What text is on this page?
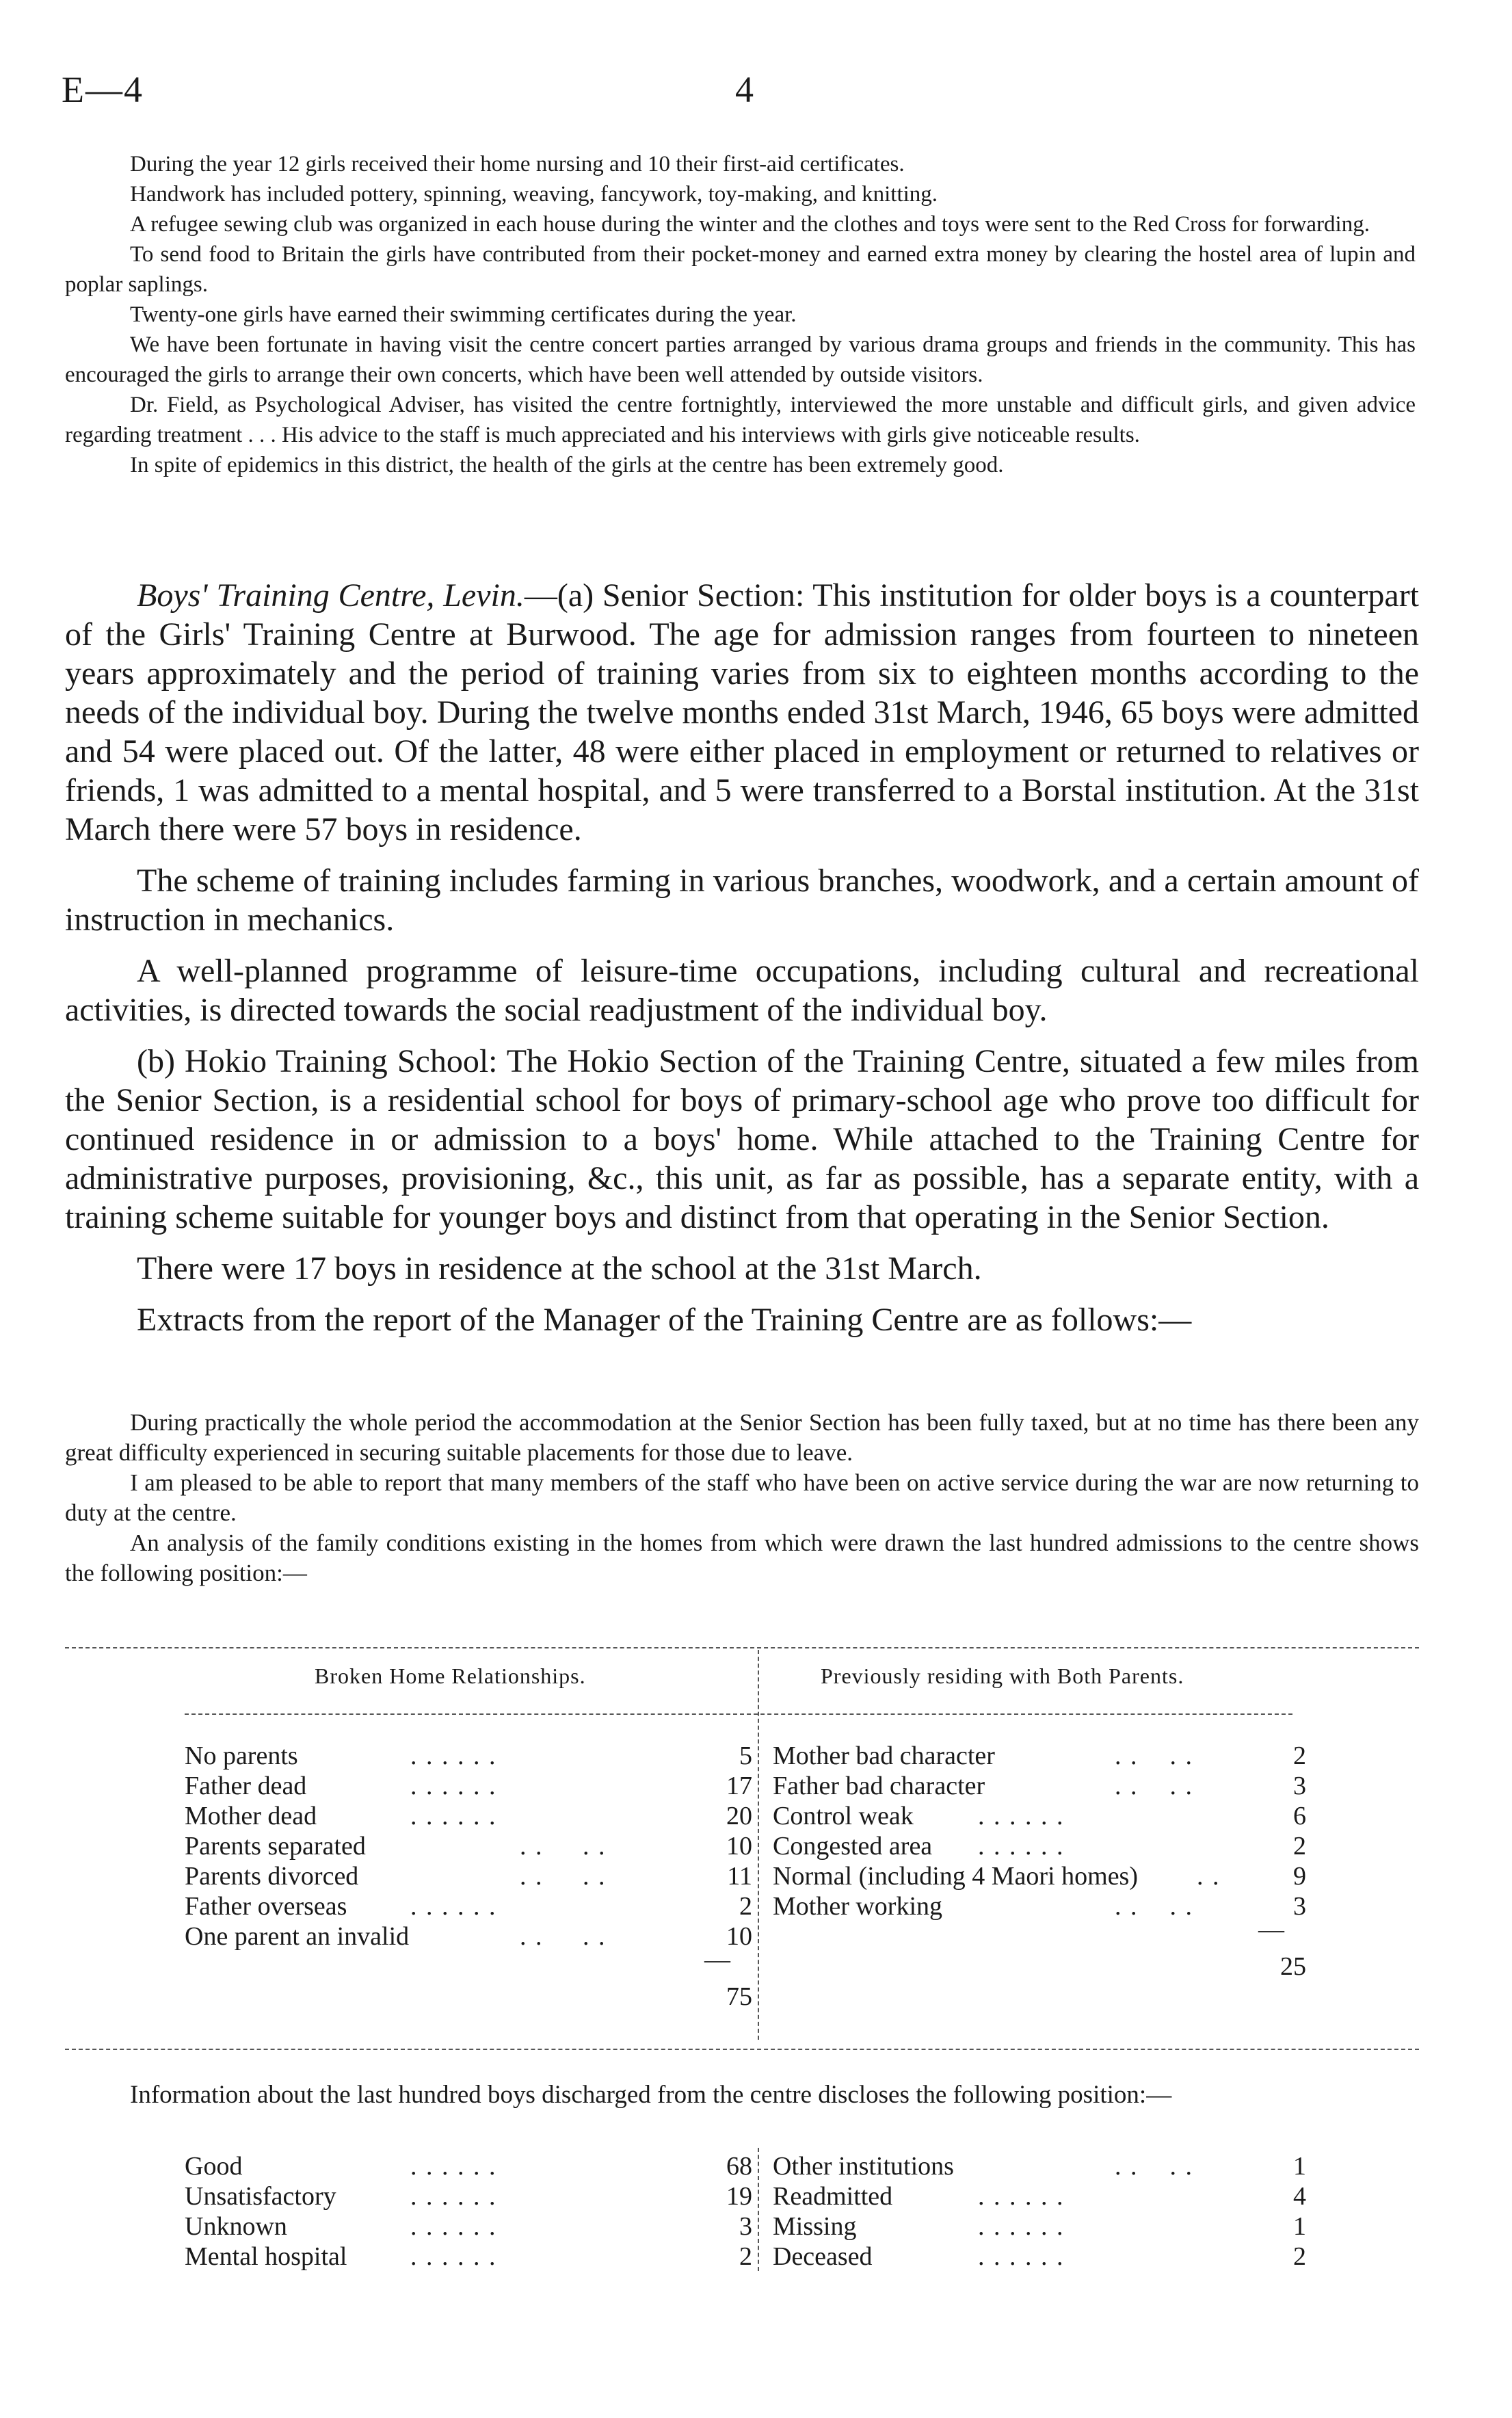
E—4	4

During the year 12 girls received their home nursing and 10 their first-aid certificates.

Handwork has included pottery, spinning, weaving, fancywork, toy-making, and knitting.

A refugee sewing club was organized in each house during the winter and the clothes and toys were sent to the Red Cross for forwarding.

To send food to Britain the girls have contributed from their pocket-money and earned extra money by clearing the hostel area of lupin and poplar saplings.

Twenty-one girls have earned their swimming certificates during the year.

We have been fortunate in having visit the centre concert parties arranged by various drama groups and friends in the community. This has encouraged the girls to arrange their own concerts, which have been well attended by outside visitors.

Dr. Field, as Psychological Adviser, has visited the centre fortnightly, interviewed the more unstable and difficult girls, and given advice regarding treatment . . . His advice to the staff is much appreciated and his interviews with girls give noticeable results.

In spite of epidemics in this district, the health of the girls at the centre has been extremely good.

Boys' Training Centre, Levin.—(a) Senior Section: This institution for older boys is a counterpart of the Girls' Training Centre at Burwood. The age for admission ranges from fourteen to nineteen years approximately and the period of training varies from six to eighteen months according to the needs of the individual boy. During the twelve months ended 31st March, 1946, 65 boys were admitted and 54 were placed out. Of the latter, 48 were either placed in employment or returned to relatives or friends, 1 was admitted to a mental hospital, and 5 were transferred to a Borstal institution. At the 31st March there were 57 boys in residence.

The scheme of training includes farming in various branches, woodwork, and a certain amount of instruction in mechanics.

A well-planned programme of leisure-time occupations, including cultural and recreational activities, is directed towards the social readjustment of the individual boy.

(b) Hokio Training School: The Hokio Section of the Training Centre, situated a few miles from the Senior Section, is a residential school for boys of primary-school age who prove too difficult for continued residence in or admission to a boys' home. While attached to the Training Centre for administrative purposes, provisioning, &c., this unit, as far as possible, has a separate entity, with a training scheme suitable for younger boys and distinct from that operating in the Senior Section.

There were 17 boys in residence at the school at the 31st March.

Extracts from the report of the Manager of the Training Centre are as follows:—

During practically the whole period the accommodation at the Senior Section has been fully taxed, but at no time has there been any great difficulty experienced in securing suitable placements for those due to leave.

I am pleased to be able to report that many members of the staff who have been on active service during the war are now returning to duty at the centre.

An analysis of the family conditions existing in the homes from which were drawn the last hundred admissions to the centre shows the following position:—

Broken Home Relationships.	Previously residing with Both Parents.
No parents	. . . . . .	5
Father dead	. . . . . .	17
Mother dead	. . . . . .	20
Parents separated	. .     . .	10
Parents divorced	. .     . .	11
Father overseas . . . . . .	2
One parent an invalid	. .     . .	10
—
75
Mother bad character	. .    . .	2
Father bad character	. .    . .	3
Control weak . . . . . .	6
Congested area . . . . . .	2
Normal (including 4 Maori homes) . .	9
Mother working	. .    . .	3
—
25

Information about the last hundred boys discharged from the centre discloses the following position:—

Good	. . . . . .	68
Unsatisfactory	. . . . . .	19
Unknown	. . . . . .	3
Mental hospital . . . . . .	2
Other institutions	. .    . .	1
Readmitted	. . . . . .	4
Missing	. . . . . .	1
Deceased	. . . . . .	2
